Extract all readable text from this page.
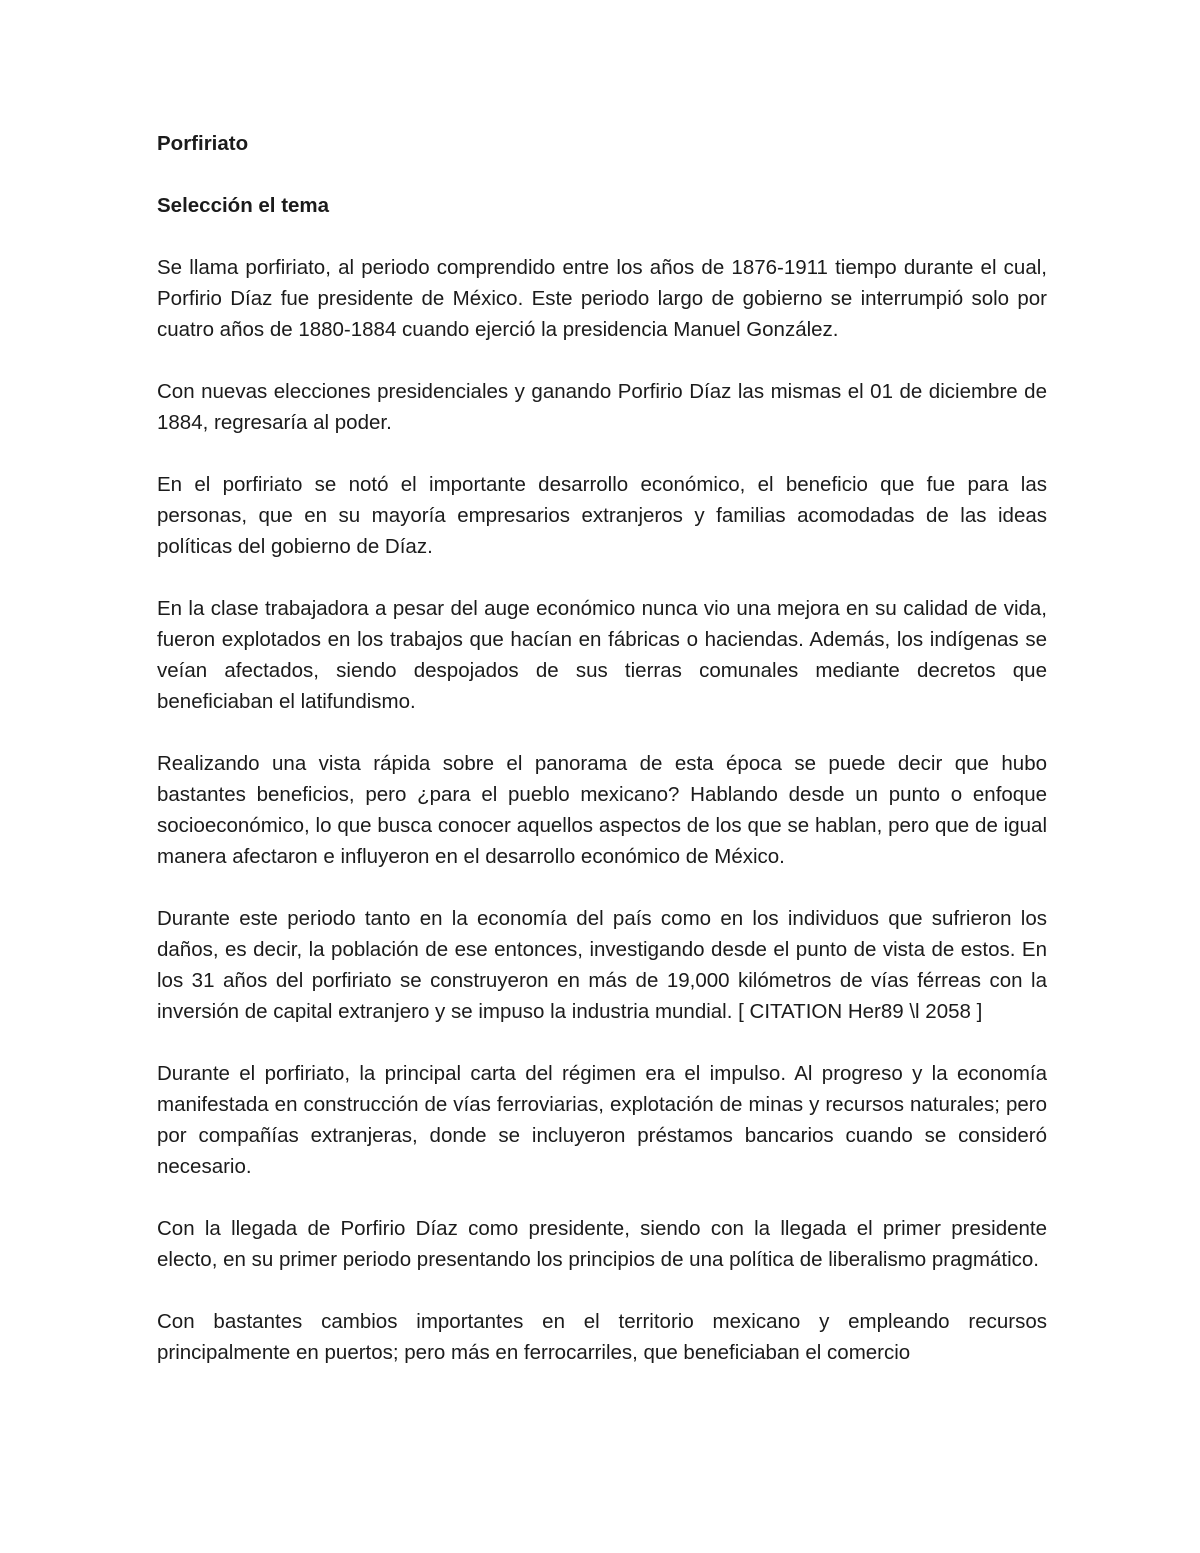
Porfiriato
Selección el tema

Se llama porfiriato, al periodo comprendido entre los años de 1876-1911 tiempo durante el cual, Porfirio Díaz fue presidente de México. Este periodo largo de gobierno se interrumpió solo por cuatro años de 1880-1884 cuando ejerció la presidencia Manuel González.

Con nuevas elecciones presidenciales y ganando Porfirio Díaz las mismas el 01 de diciembre de 1884, regresaría al poder.

En el porfiriato se notó el importante desarrollo económico, el beneficio que fue para las personas, que en su mayoría empresarios extranjeros y familias acomodadas de las ideas políticas del gobierno de Díaz.

En la clase trabajadora a pesar del auge económico nunca vio una mejora en su calidad de vida, fueron explotados en los trabajos que hacían en fábricas o haciendas. Además, los indígenas se veían afectados, siendo despojados de sus tierras comunales mediante decretos que beneficiaban el latifundismo.

Realizando una vista rápida sobre el panorama de esta época se puede decir que hubo bastantes beneficios, pero ¿para el pueblo mexicano? Hablando desde un punto o enfoque socioeconómico, lo que busca conocer aquellos aspectos de los que se hablan, pero que de igual manera afectaron e influyeron en el desarrollo económico de México.

Durante este periodo tanto en la economía del país como en los individuos que sufrieron los daños, es decir, la población de ese entonces, investigando desde el punto de vista de estos. En los 31 años del porfiriato se construyeron en más de 19,000 kilómetros de vías férreas con la inversión de capital extranjero y se impuso la industria mundial. [ CITATION Her89 \l 2058 ]

Durante el porfiriato, la principal carta del régimen era el impulso. Al progreso y la economía manifestada en construcción de vías ferroviarias, explotación de minas y recursos naturales; pero por compañías extranjeras, donde se incluyeron préstamos bancarios cuando se consideró necesario.

Con la llegada de Porfirio Díaz como presidente, siendo con la llegada el primer presidente electo, en su primer periodo presentando los principios de una política de liberalismo pragmático.

Con bastantes cambios importantes en el territorio mexicano y empleando recursos principalmente en puertos; pero más en ferrocarriles, que beneficiaban el comercio
